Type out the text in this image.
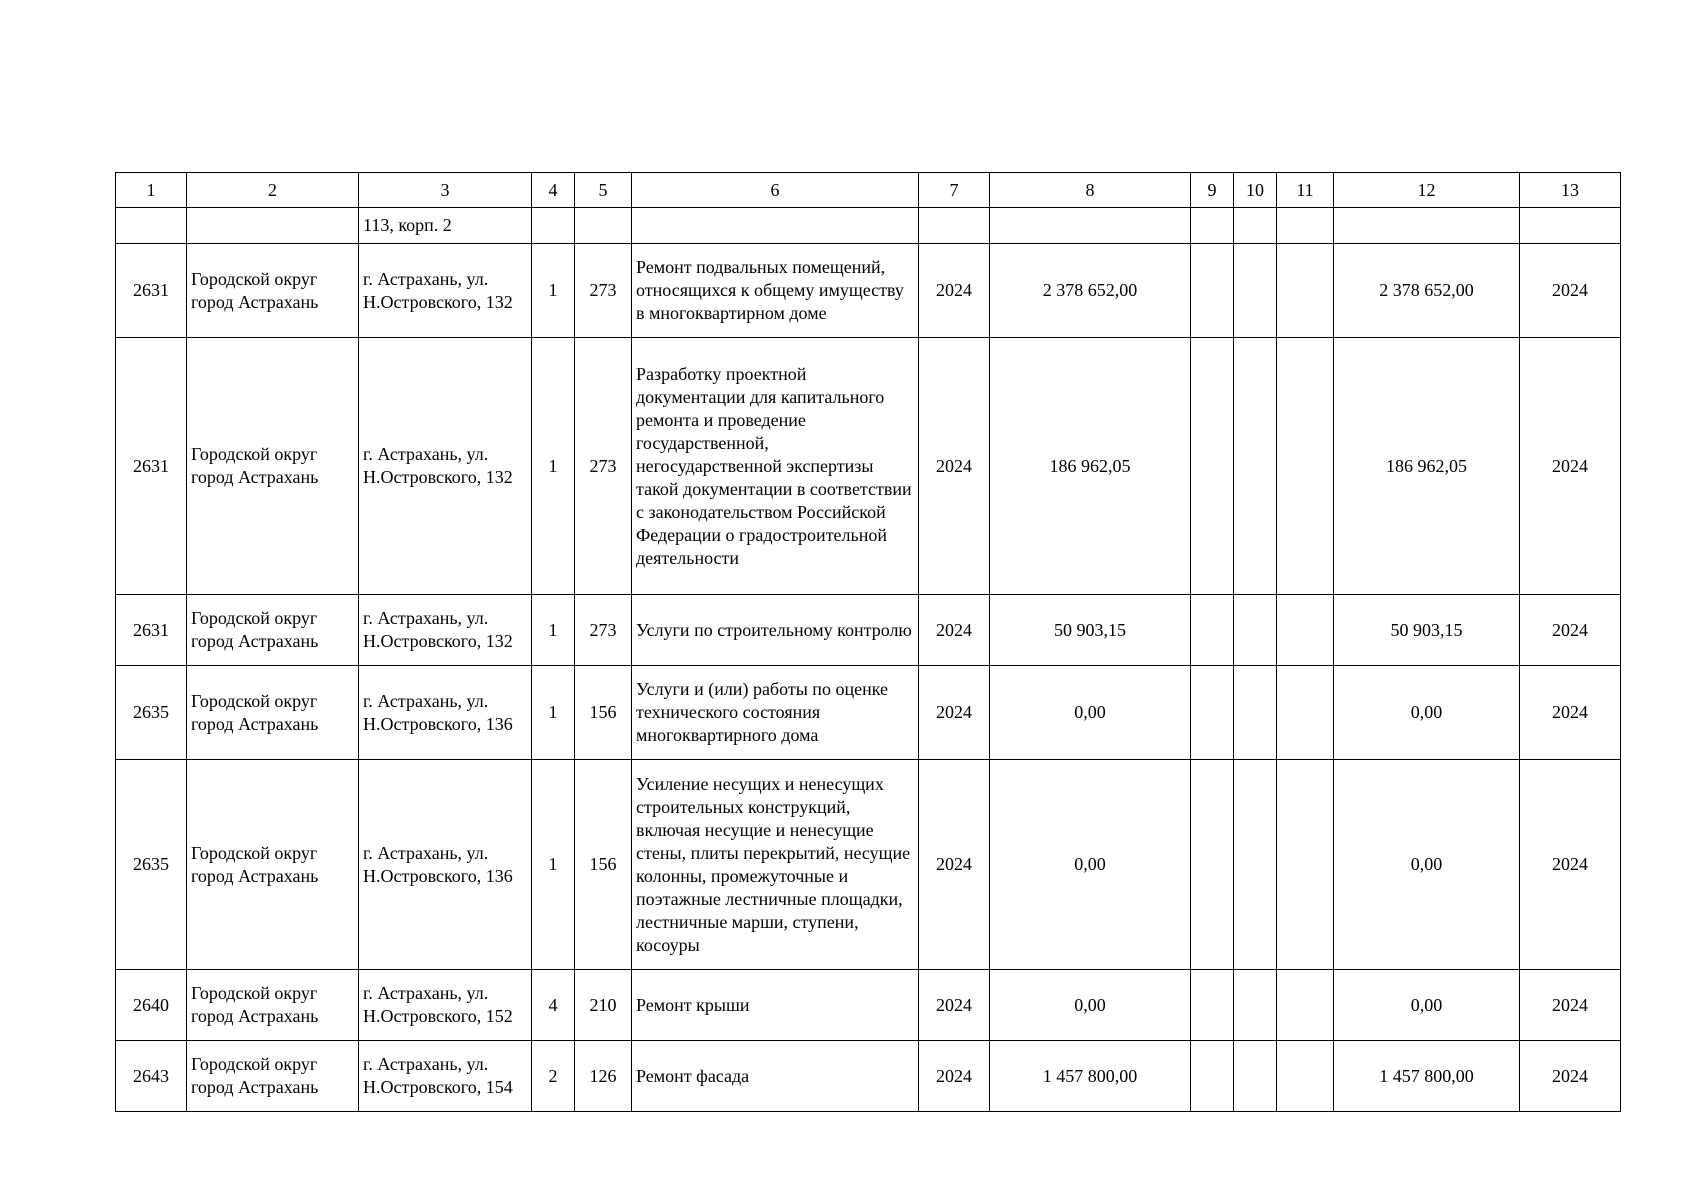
1	2	3	4	5	6	7	8	9	10	11	12	13
		113, корп. 2										
2631	Городской округ город Астрахань	г. Астрахань, ул. Н.Островского, 132	1	273	Ремонт подвальных помещений, относящихся к общему имуществу в многоквартирном доме	2024	2 378 652,00				2 378 652,00	2024
2631	Городской округ город Астрахань	г. Астрахань, ул. Н.Островского, 132	1	273	Разработку проектной документации для капитального ремонта и проведение государственной, негосударственной экспертизы такой документации в соответствии с законодательством Российской Федерации о градостроительной деятельности	2024	186 962,05				186 962,05	2024
2631	Городской округ город Астрахань	г. Астрахань, ул. Н.Островского, 132	1	273	Услуги по строительному контролю	2024	50 903,15				50 903,15	2024
2635	Городской округ город Астрахань	г. Астрахань, ул. Н.Островского, 136	1	156	Услуги и (или) работы по оценке технического состояния многоквартирного дома	2024	0,00				0,00	2024
2635	Городской округ город Астрахань	г. Астрахань, ул. Н.Островского, 136	1	156	Усиление несущих и ненесущих строительных конструкций, включая несущие и ненесущие стены, плиты перекрытий, несущие колонны, промежуточные и поэтажные лестничные площадки, лестничные марши, ступени, косоуры	2024	0,00				0,00	2024
2640	Городской округ город Астрахань	г. Астрахань, ул. Н.Островского, 152	4	210	Ремонт крыши	2024	0,00				0,00	2024
2643	Городской округ город Астрахань	г. Астрахань, ул. Н.Островского, 154	2	126	Ремонт фасада	2024	1 457 800,00				1 457 800,00	2024
